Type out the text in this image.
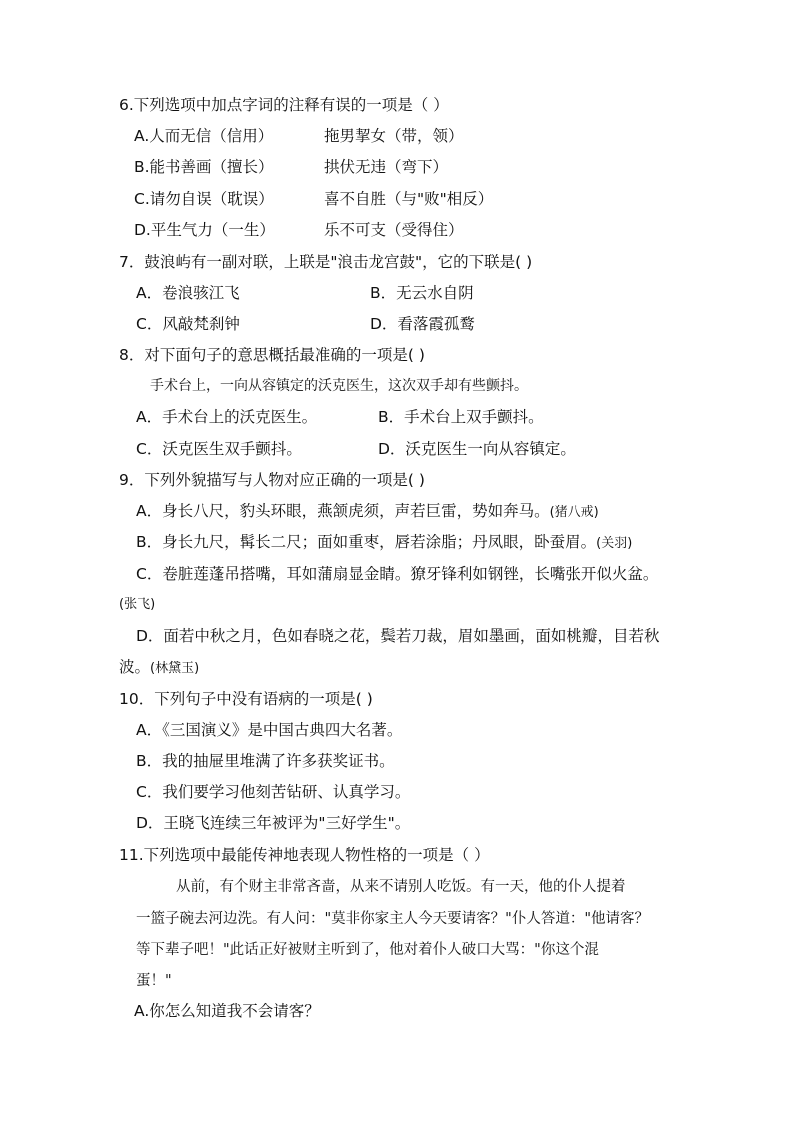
6.下列选项中加点字词的注释有误的一项是（ ）
A.人而无信（信用）	拖男挈女（带，领）
B.能书善画（擅长）	拱伏无违（弯下）
C.请勿自误（耽误）	喜不自胜（与"败"相反）
D.平生气力（一生）	乐不可支（受得住）
7．鼓浪屿有一副对联，上联是"浪击龙宫鼓"，它的下联是( )
A．卷浪骇江飞	B．无云水自阴
C．风敲梵刹钟	D．看落霞孤鹜
8．对下面句子的意思概括最准确的一项是( )
手术台上，一向从容镇定的沃克医生，这次双手却有些颤抖。
A．手术台上的沃克医生。	B．手术台上双手颤抖。
C．沃克医生双手颤抖。	D．沃克医生一向从容镇定。
9．下列外貌描写与人物对应正确的一项是( )
A．身长八尺，豹头环眼，燕颔虎须，声若巨雷，势如奔马。(猪八戒)
B．身长九尺，髯长二尺；面如重枣，唇若涂脂；丹凤眼，卧蚕眉。(关羽)
C．卷脏莲蓬吊搭嘴，耳如蒲扇显金睛。獠牙锋利如钢锉，长嘴张开似火盆。
(张飞)
D．面若中秋之月，色如春晓之花，鬓若刀裁，眉如墨画，面如桃瓣，目若秋
波。(林黛玉)
10．下列句子中没有语病的一项是( )
A．《三国演义》是中国古典四大名著。
B．我的抽屉里堆满了许多获奖证书。
C．我们要学习他刻苦钻研、认真学习。
D．王晓飞连续三年被评为"三好学生"。
11.下列选项中最能传神地表现人物性格的一项是（ ）
从前，有个财主非常吝啬，从来不请别人吃饭。有一天，他的仆人提着
一篮子碗去河边洗。有人问："莫非你家主人今天要请客？"仆人答道："他请客？
等下辈子吧！"此话正好被财主听到了，他对着仆人破口大骂："你这个混
蛋！"
A.你怎么知道我不会请客？
